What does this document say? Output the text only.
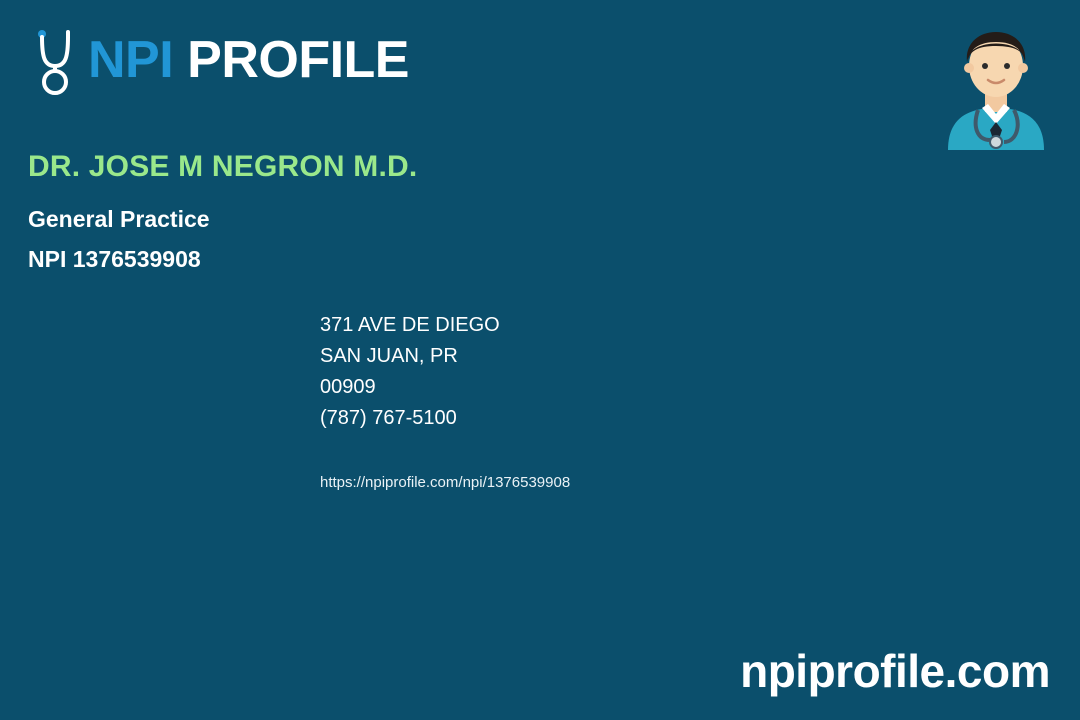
NPI PROFILE
DR. JOSE M NEGRON M.D.
General Practice
NPI 1376539908
371 AVE DE DIEGO
SAN JUAN, PR
00909
(787) 767-5100
https://npiprofile.com/npi/1376539908
npiprofile.com
